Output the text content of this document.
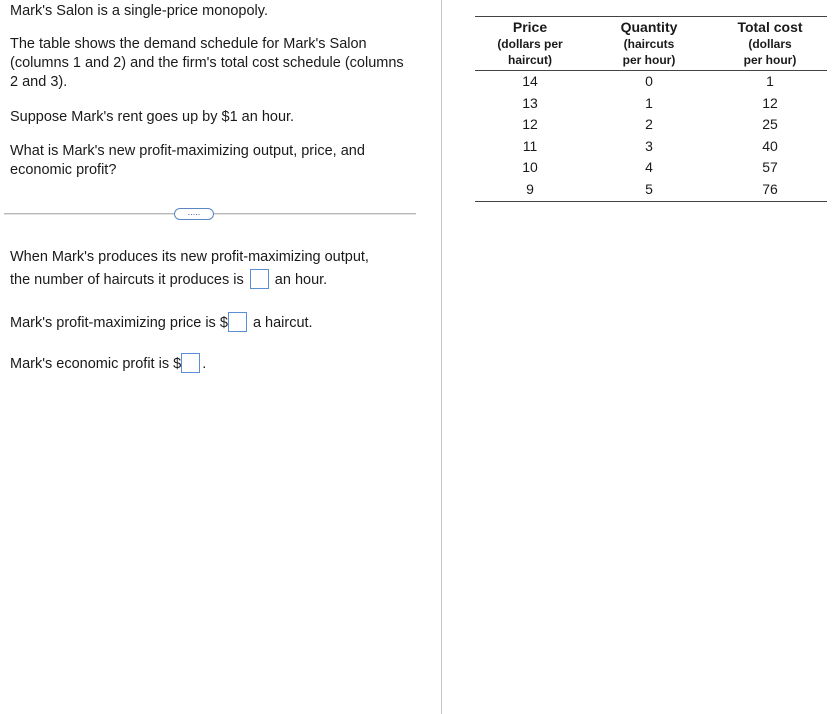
Mark's Salon is a single-price monopoly.

The table shows the demand schedule for Mark's Salon (columns 1 and 2) and the firm's total cost schedule (columns 2 and 3).

Suppose Mark's rent goes up by $1 an hour.

What is Mark's new profit-maximizing output, price, and economic profit?

.....
When Mark's produces its new profit-maximizing output,
the number of haircuts it produces is an hour.
Mark's profit-maximizing price is $ a haircut.
Mark's economic profit is $ .
Price
(dollars per
haircut)	Quantity
(haircuts
per hour)	Total cost
(dollars
per hour)

14	0	1
13	1	12
12	2	25
11	3	40
10	4	57
9	5	76
